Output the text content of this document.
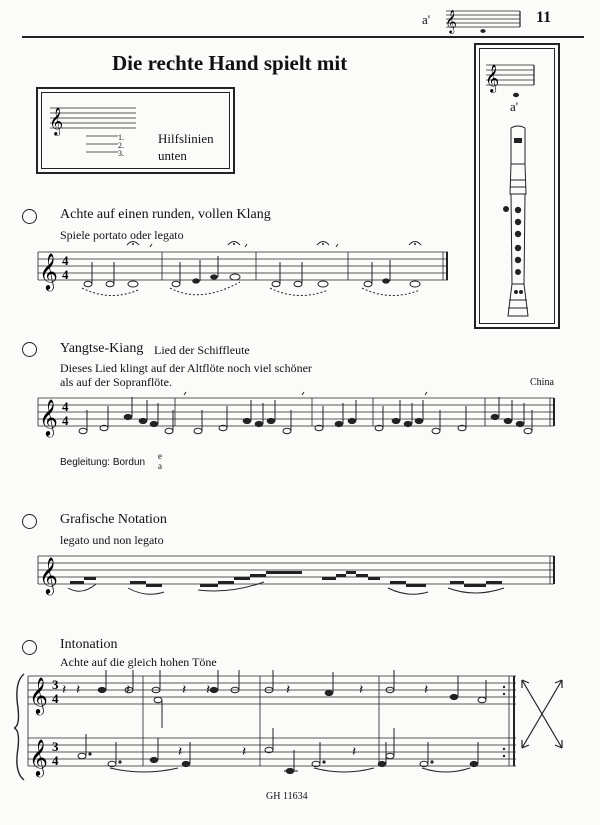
a' 𝄞	11
Die rechte Hand spielt mit
𝄞
1.
2.
3.
Hilfslinien
unten
𝄞
a'
Achte auf einen runden, vollen Klang
Spiele portato oder legato
𝄞 4
4
Yangtse-Kiang Lied der Schiffleute
Dieses Lied klingt auf der Altflöte noch viel schöner
als auf der Sopranflöte.	China
𝄞 4
4
Begleitung: Bordun
e
a
Grafische Notation
legato und non legato
𝄞
Intonation
Achte auf die gleich hohen Töne
𝄞
𝄞
3
4
3
4
𝄽 𝄽	𝄽	𝄽 𝄽	𝄽	𝄽	𝄽
𝄽	𝄽	𝄽
GH 11634
